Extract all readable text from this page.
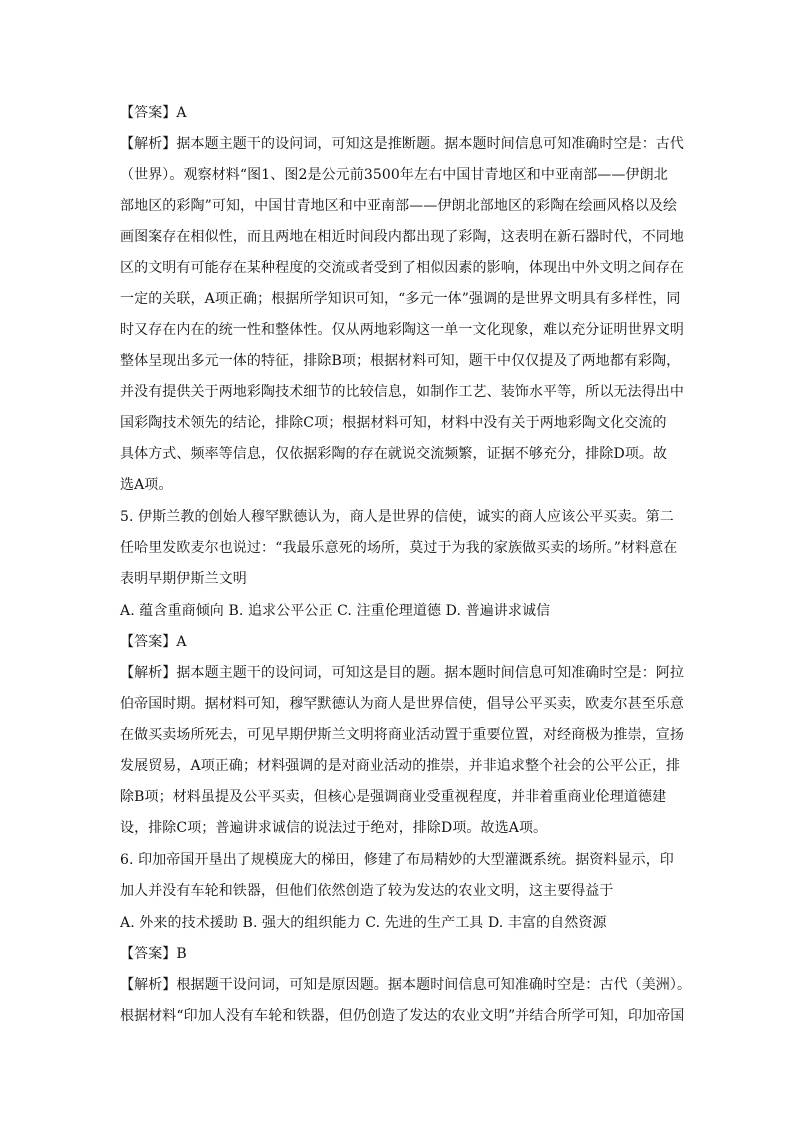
【答案】A
【解析】据本题主题干的设问词，可知这是推断题。据本题时间信息可知准确时空是：古代
（世界）。观察材料“图1、图2是公元前3500年左右中国甘青地区和中亚南部——伊朗北
部地区的彩陶”可知，中国甘青地区和中亚南部——伊朗北部地区的彩陶在绘画风格以及绘
画图案存在相似性，而且两地在相近时间段内都出现了彩陶，这表明在新石器时代，不同地
区的文明有可能存在某种程度的交流或者受到了相似因素的影响，体现出中外文明之间存在
一定的关联，A项正确；根据所学知识可知，“多元一体”强调的是世界文明具有多样性，同
时又存在内在的统一性和整体性。仅从两地彩陶这一单一文化现象，难以充分证明世界文明
整体呈现出多元一体的特征，排除B项；根据材料可知，题干中仅仅提及了两地都有彩陶，
并没有提供关于两地彩陶技术细节的比较信息，如制作工艺、装饰水平等，所以无法得出中
国彩陶技术领先的结论，排除C项；根据材料可知，材料中没有关于两地彩陶文化交流的
具体方式、频率等信息，仅依据彩陶的存在就说交流频繁，证据不够充分，排除D项。故
选A项。
5. 伊斯兰教的创始人穆罕默德认为，商人是世界的信使，诚实的商人应该公平买卖。第二
任哈里发欧麦尔也说过：“我最乐意死的场所，莫过于为我的家族做买卖的场所。”材料意在
表明早期伊斯兰文明
A. 蕴含重商倾向 B. 追求公平公正 C. 注重伦理道德 D. 普遍讲求诚信
【答案】A
【解析】据本题主题干的设问词，可知这是目的题。据本题时间信息可知准确时空是：阿拉
伯帝国时期。据材料可知，穆罕默德认为商人是世界信使，倡导公平买卖，欧麦尔甚至乐意
在做买卖场所死去，可见早期伊斯兰文明将商业活动置于重要位置，对经商极为推崇，宣扬
发展贸易，A项正确；材料强调的是对商业活动的推崇，并非追求整个社会的公平公正，排
除B项；材料虽提及公平买卖，但核心是强调商业受重视程度，并非着重商业伦理道德建
设，排除C项；普遍讲求诚信的说法过于绝对，排除D项。故选A项。
6. 印加帝国开垦出了规模庞大的梯田，修建了布局精妙的大型灌溉系统。据资料显示，印
加人并没有车轮和铁器，但他们依然创造了较为发达的农业文明，这主要得益于
A. 外来的技术援助 B. 强大的组织能力 C. 先进的生产工具 D. 丰富的自然资源
【答案】B
【解析】根据题干设问词，可知是原因题。据本题时间信息可知准确时空是：古代（美洲）。
根据材料“印加人没有车轮和铁器，但仍创造了发达的农业文明”并结合所学可知，印加帝国
